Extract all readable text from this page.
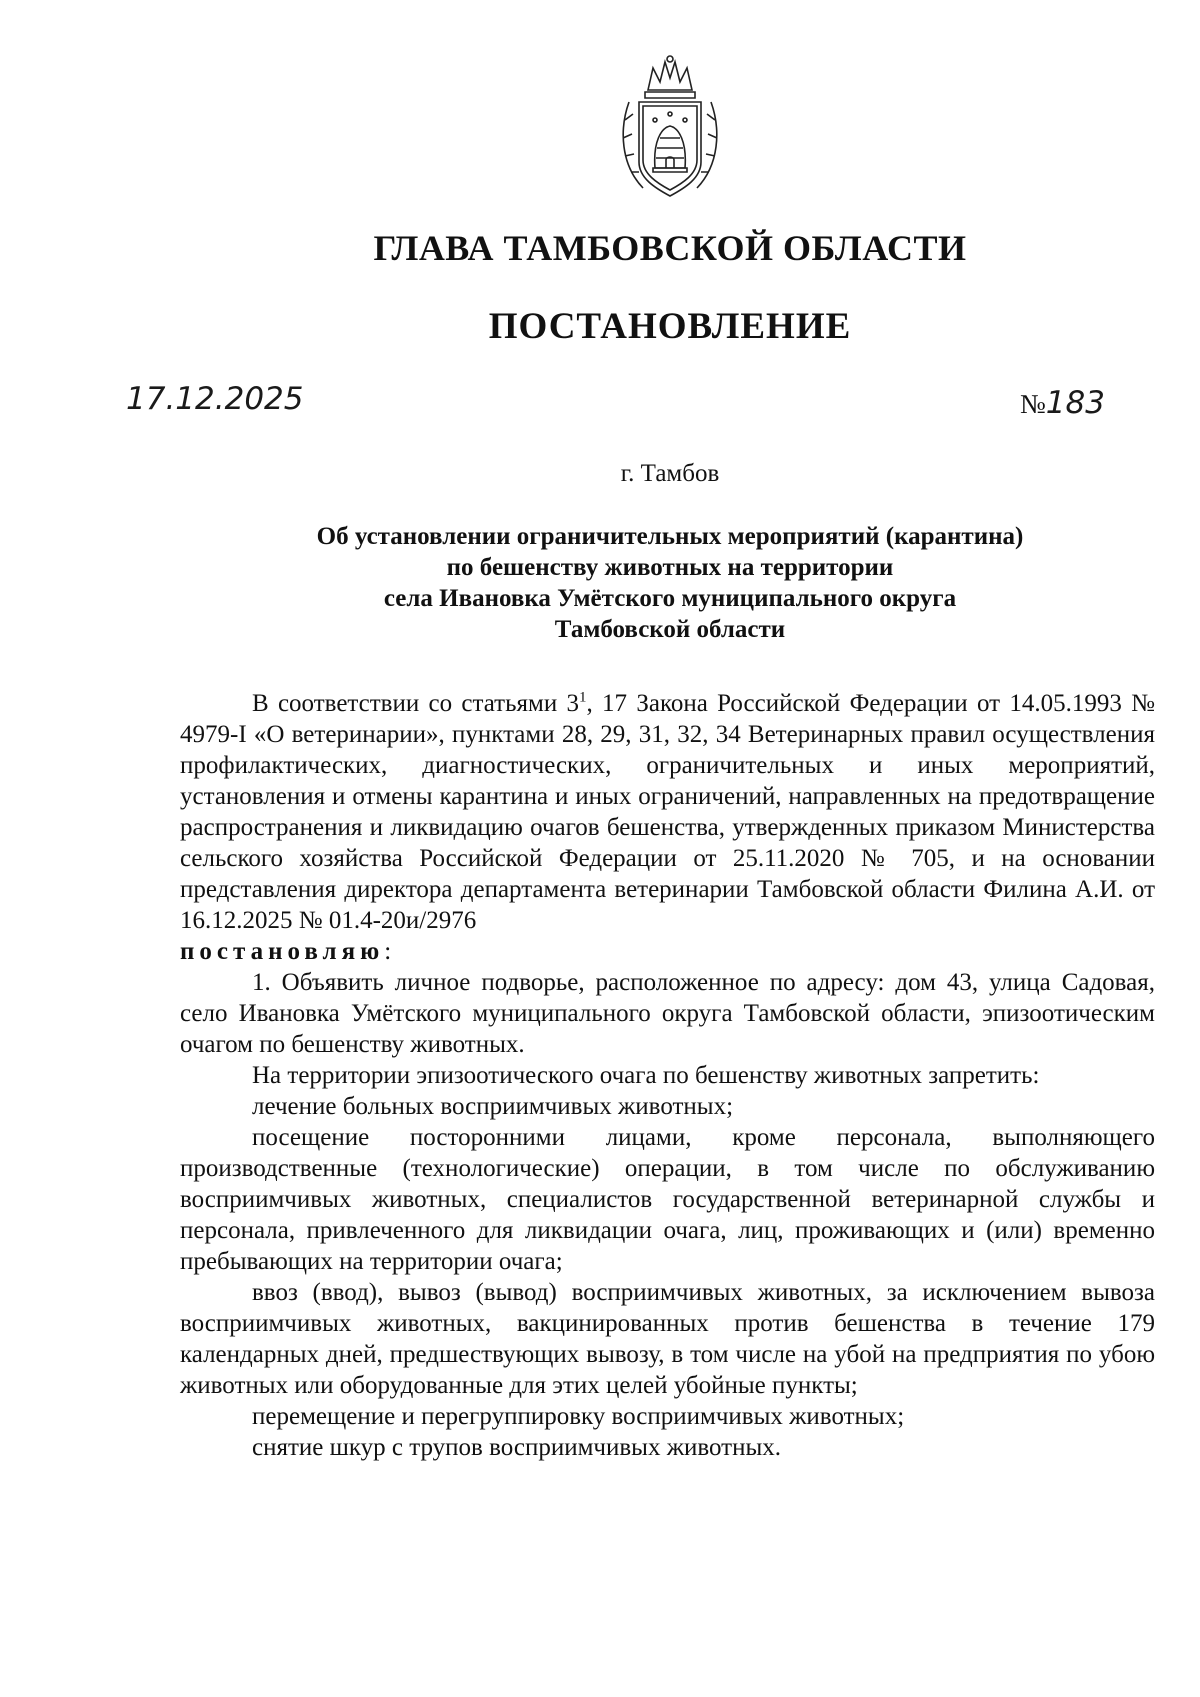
ГЛАВА ТАМБОВСКОЙ ОБЛАСТИ
ПОСТАНОВЛЕНИЕ
17.12.2025	№183
г. Тамбов
Об установлении ограничительных мероприятий (карантина)
по бешенству животных на территории
села Ивановка Умётского муниципального округа
Тамбовской области

В соответствии со статьями $3^1$, 17 Закона Российской Федерации от 14.05.1993 № 4979-I «О ветеринарии», пунктами 28, 29, 31, 32, 34 Ветеринарных правил осуществления профилактических, диагностических, ограничительных и иных мероприятий, установления и отмены карантина и иных ограничений, направленных на предотвращение распространения и ликвидацию очагов бешенства, утвержденных приказом Министерства сельского хозяйства Российской Федерации от 25.11.2020 № 705, и на основании представления директора департамента ветеринарии Тамбовской области Филина А.И. от 16.12.2025 № 01.4-20и/2976

постановляю:

1. Объявить личное подворье, расположенное по адресу: дом 43, улица Садовая, село Ивановка Умётского муниципального округа Тамбовской области, эпизоотическим очагом по бешенству животных.

На территории эпизоотического очага по бешенству животных запретить:

лечение больных восприимчивых животных;

посещение посторонними лицами, кроме персонала, выполняющего производственные (технологические) операции, в том числе по обслуживанию восприимчивых животных, специалистов государственной ветеринарной службы и персонала, привлеченного для ликвидации очага, лиц, проживающих и (или) временно пребывающих на территории очага;

ввоз (ввод), вывоз (вывод) восприимчивых животных, за исключением вывоза восприимчивых животных, вакцинированных против бешенства в течение 179 календарных дней, предшествующих вывозу, в том числе на убой на предприятия по убою животных или оборудованные для этих целей убойные пункты;

перемещение и перегруппировку восприимчивых животных;

снятие шкур с трупов восприимчивых животных.
